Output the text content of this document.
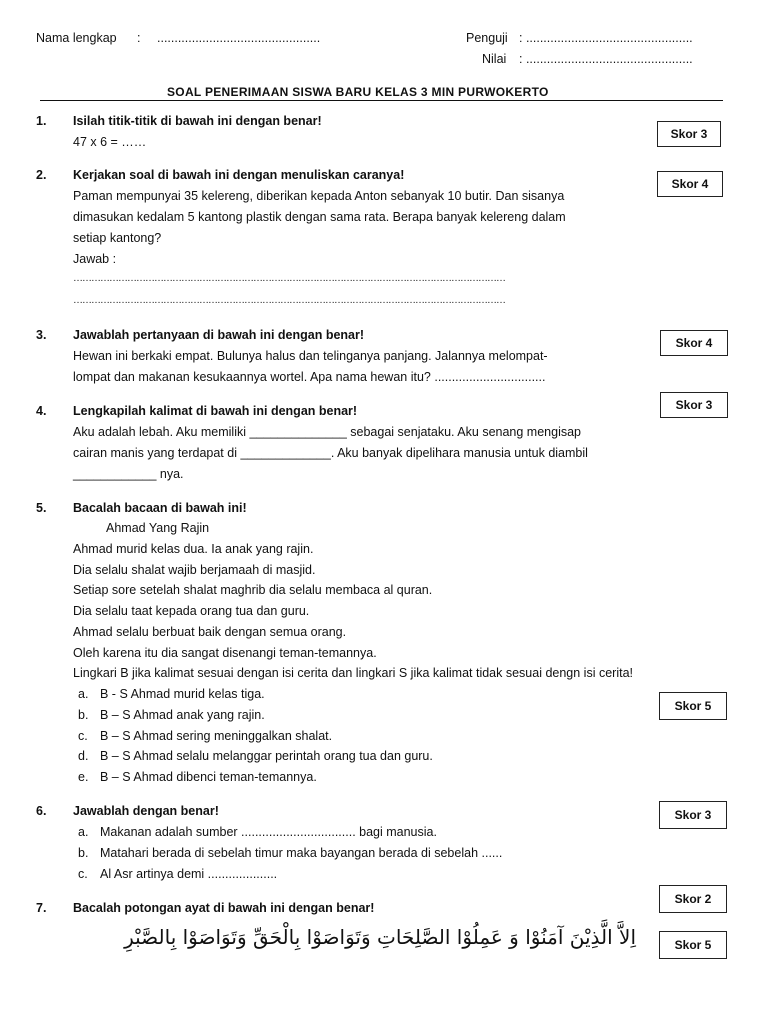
Nama lengkap : ...............................................	Penguji : ................................................
Nilai : ................................................
SOAL PENERIMAAN SISWA BARU KELAS 3 MIN PURWOKERTO
1. Isilah titik-titik di bawah ini dengan benar!
47 x 6 = ……
Skor 3
2. Kerjakan soal di bawah ini dengan menuliskan caranya!
Paman mempunyai 35 kelereng, diberikan kepada Anton sebanyak 10 butir. Dan sisanya
dimasukan kedalam 5 kantong plastik dengan sama rata. Berapa banyak kelereng dalam
setiap kantong?
Jawab :
………………………………………………………………………………………………………………………………
………………………………………………………………………………………………………………………………
Skor 4
3. Jawablah pertanyaan di bawah ini dengan benar!
Hewan ini berkaki empat. Bulunya halus dan telinganya panjang. Jalannya melompat-
lompat dan makanan kesukaannya wortel. Apa nama hewan itu? ................................
Skor 4
4. Lengkapilah kalimat di bawah ini dengan benar!
Aku adalah lebah. Aku memiliki ______________ sebagai senjataku. Aku senang mengisap
cairan manis yang terdapat di _____________. Aku banyak dipelihara manusia untuk diambil
____________ nya.
Skor 3
5. Bacalah bacaan di bawah ini!
Ahmad Yang Rajin
Ahmad murid kelas dua. Ia anak yang rajin.
Dia selalu shalat wajib berjamaah di masjid.
Setiap sore setelah shalat maghrib dia selalu membaca al quran.
Dia selalu taat kepada orang tua dan guru.
Ahmad selalu berbuat baik dengan semua orang.
Oleh karena itu dia sangat disenangi teman-temannya.
Lingkari B jika kalimat sesuai dengan isi cerita dan lingkari S jika kalimat tidak sesuai dengn isi cerita!
a. B - S Ahmad murid kelas tiga.
b. B – S Ahmad anak yang rajin.
c. B – S Ahmad sering meninggalkan shalat.
d. B – S Ahmad selalu melanggar perintah orang tua dan guru.
e. B – S Ahmad dibenci teman-temannya.
Skor 5
6. Jawablah dengan benar!
a. Makanan adalah sumber ................................. bagi manusia.
b. Matahari berada di sebelah timur maka bayangan berada di sebelah ......
c. Al Asr artinya demi ....................
Skor 3
Skor 2
7. Bacalah potongan ayat di bawah ini dengan benar!
اِلاَّ الَّذِيْنَ آمَنُوْا وَ عَمِلُوْا الصَّلِحَاتِ وَتَوَاصَوْا بِالْحَقِّ وَتَوَاصَوْا بِالصَّبْرِ	Skor 5
